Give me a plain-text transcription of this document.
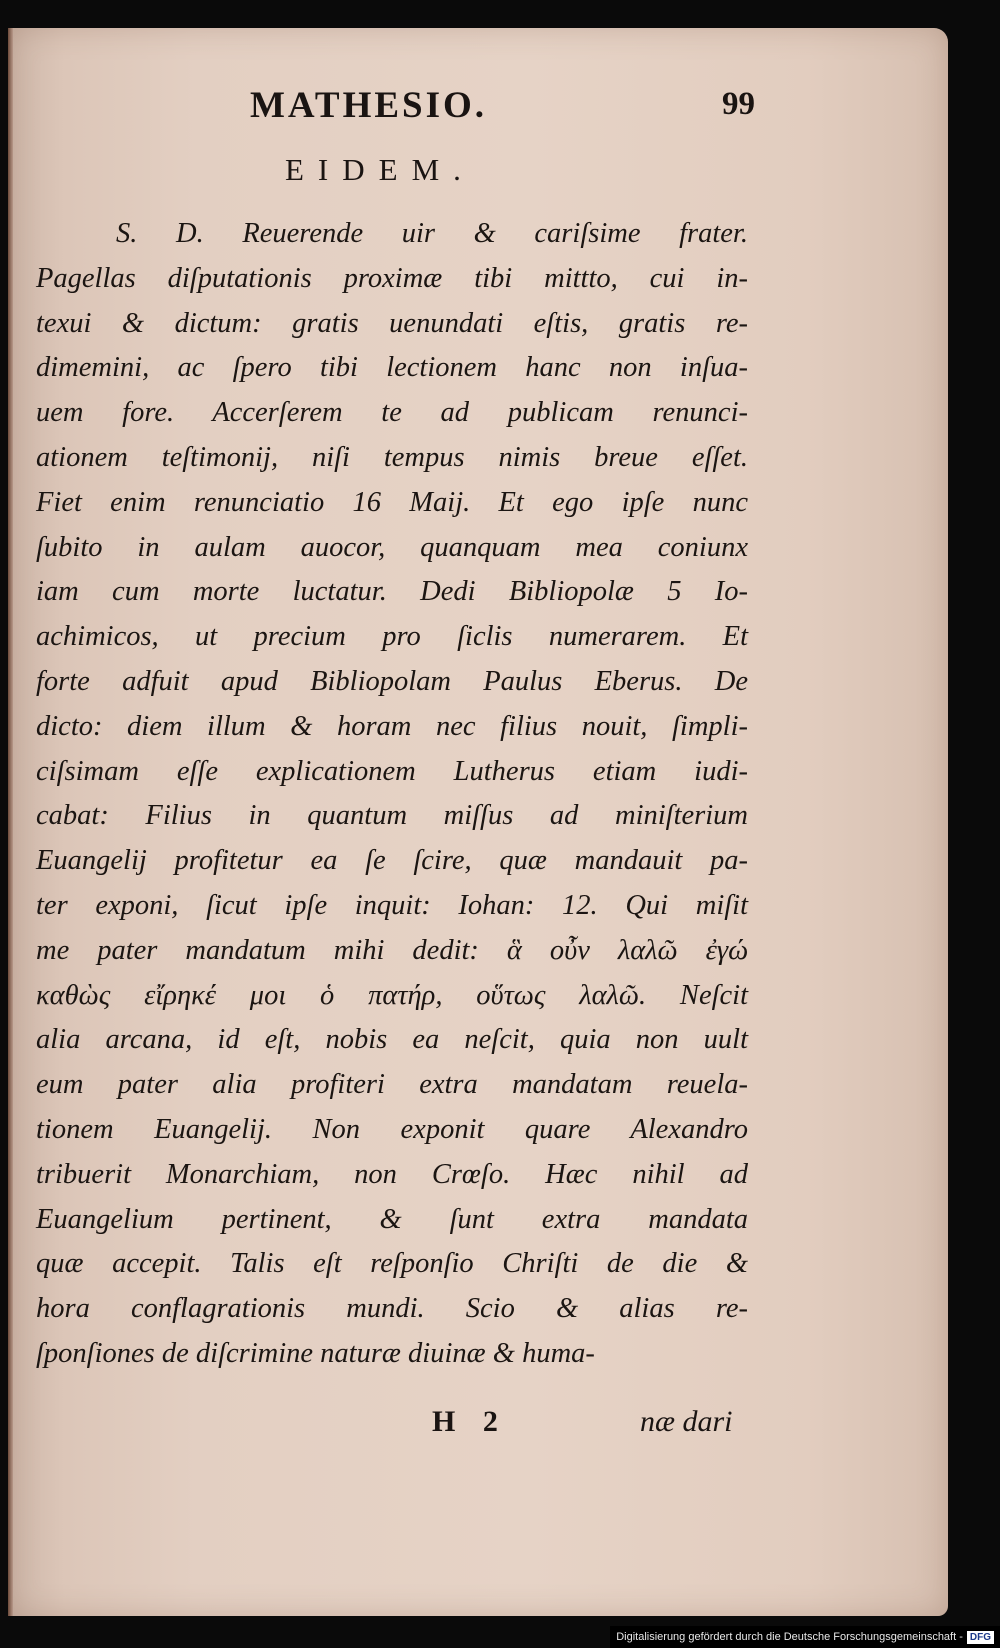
MATHESIO.	99
EIDEM.
S. D. Reuerende uir & cariſsime frater.
Pagellas diſputationis proximæ tibi mittto, cui in-
texui & dictum: gratis uenundati eſtis, gratis re-
dimemini, ac ſpero tibi lectionem hanc non inſua-
uem fore. Accerſerem te ad publicam renunci-
ationem teſtimonij, niſi tempus nimis breue eſſet.
Fiet enim renunciatio 16 Maij. Et ego ipſe nunc
ſubito in aulam auocor, quanquam mea coniunx
iam cum morte luctatur. Dedi Bibliopolæ 5 Io-
achimicos, ut precium pro ſiclis numerarem. Et
forte adfuit apud Bibliopolam Paulus Eberus. De
dicto: diem illum & horam nec filius nouit, ſimpli-
ciſsimam eſſe explicationem Lutherus etiam iudi-
cabat: Filius in quantum miſſus ad miniſterium
Euangelij profitetur ea ſe ſcire, quæ mandauit pa-
ter exponi, ſicut ipſe inquit: Iohan: 12. Qui miſit
me pater mandatum mihi dedit: ἃ οὖν λαλῶ ἐγώ
καθὼς εἴρηκέ μοι ὁ πατήρ, οὕτως λαλῶ. Neſcit
alia arcana, id eſt, nobis ea neſcit, quia non uult
eum pater alia profiteri extra mandatam reuela-
tionem Euangelij. Non exponit quare Alexandro
tribuerit Monarchiam, non Crœſo. Hæc nihil ad
Euangelium pertinent, & ſunt extra mandata
quæ accepit. Talis eſt reſponſio Chriſti de die &
hora conflagrationis mundi. Scio & alias re-
ſponſiones de diſcrimine naturæ diuinæ & huma-
H 2	næ dari
Digitalisierung gefördert durch die Deutsche Forschungsgemeinschaft - DFG
